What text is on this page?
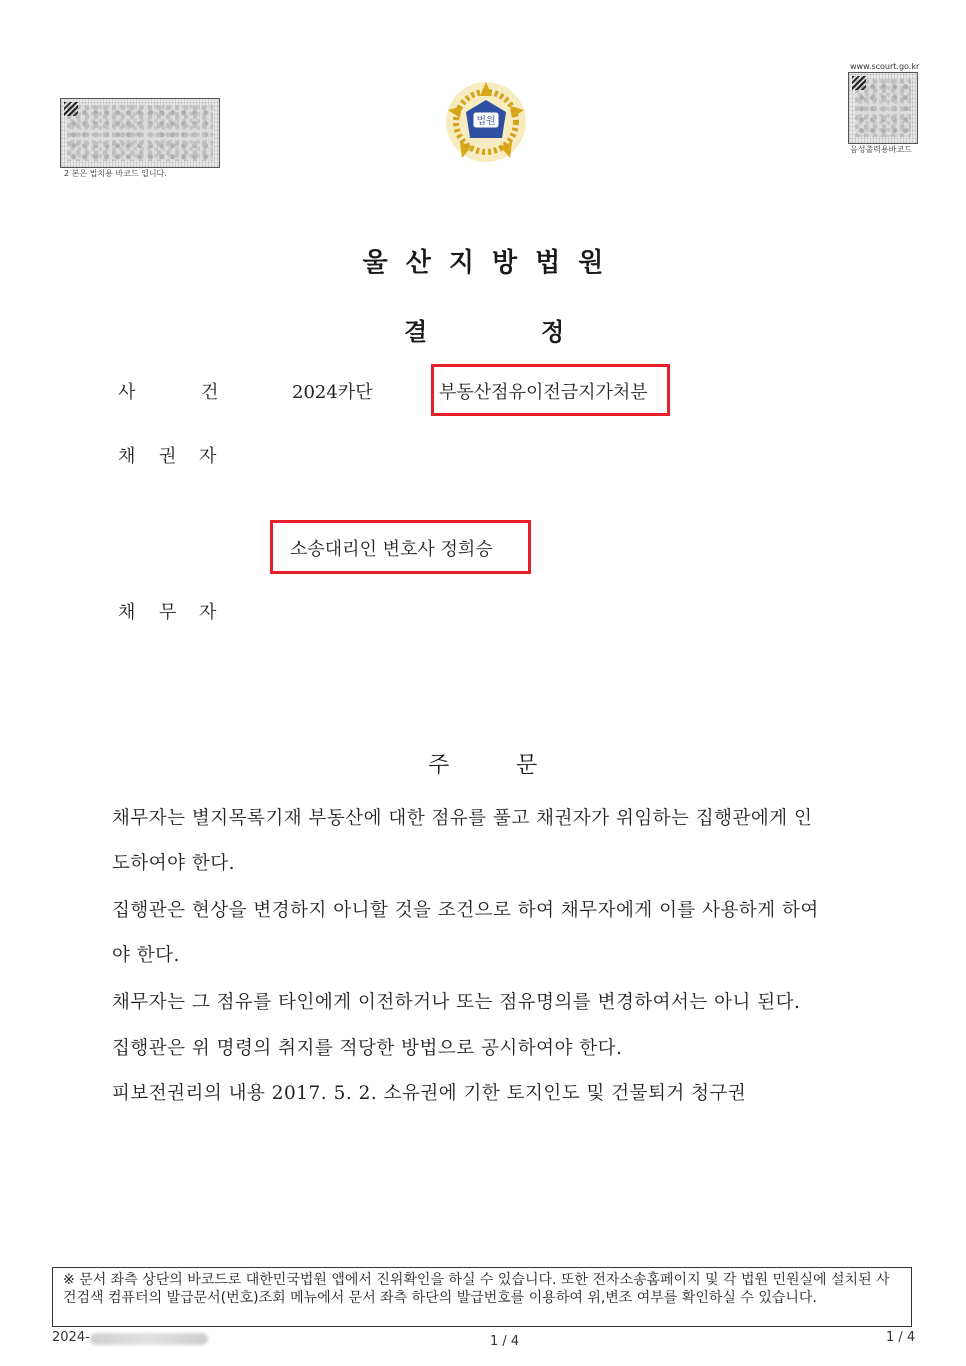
2 본은 법치용 바코드 입니다.
법원
www.scourt.go.kr
음성출력용바코드
울산지방법원
결	정
사	건	2024카단	부동산점유이전금지가처분
채 권 자
소송대리인 변호사 정희승
채 무 자
주	문
채무자는 별지목록기재 부동산에 대한 점유를 풀고 채권자가 위임하는 집행관에게 인
도하여야 한다.
집행관은 현상을 변경하지 아니할 것을 조건으로 하여 채무자에게 이를 사용하게 하여
야 한다.
채무자는 그 점유를 타인에게 이전하거나 또는 점유명의를 변경하여서는 아니 된다.
집행관은 위 명령의 취지를 적당한 방법으로 공시하여야 한다.
피보전권리의 내용 2017. 5. 2. 소유권에 기한 토지인도 및 건물퇴거 청구권
※ 문서 좌측 상단의 바코드로 대한민국법원 앱에서 진위확인을 하실 수 있습니다. 또한 전자소송홈페이지 및 각 법원 민원실에 설치된 사건검색 컴퓨터의 발급문서(번호)조회 메뉴에서 문서 좌측 하단의 발급번호를 이용하여 위,변조 여부를 확인하실 수 있습니다.
2024-	1 / 4	1 / 4
